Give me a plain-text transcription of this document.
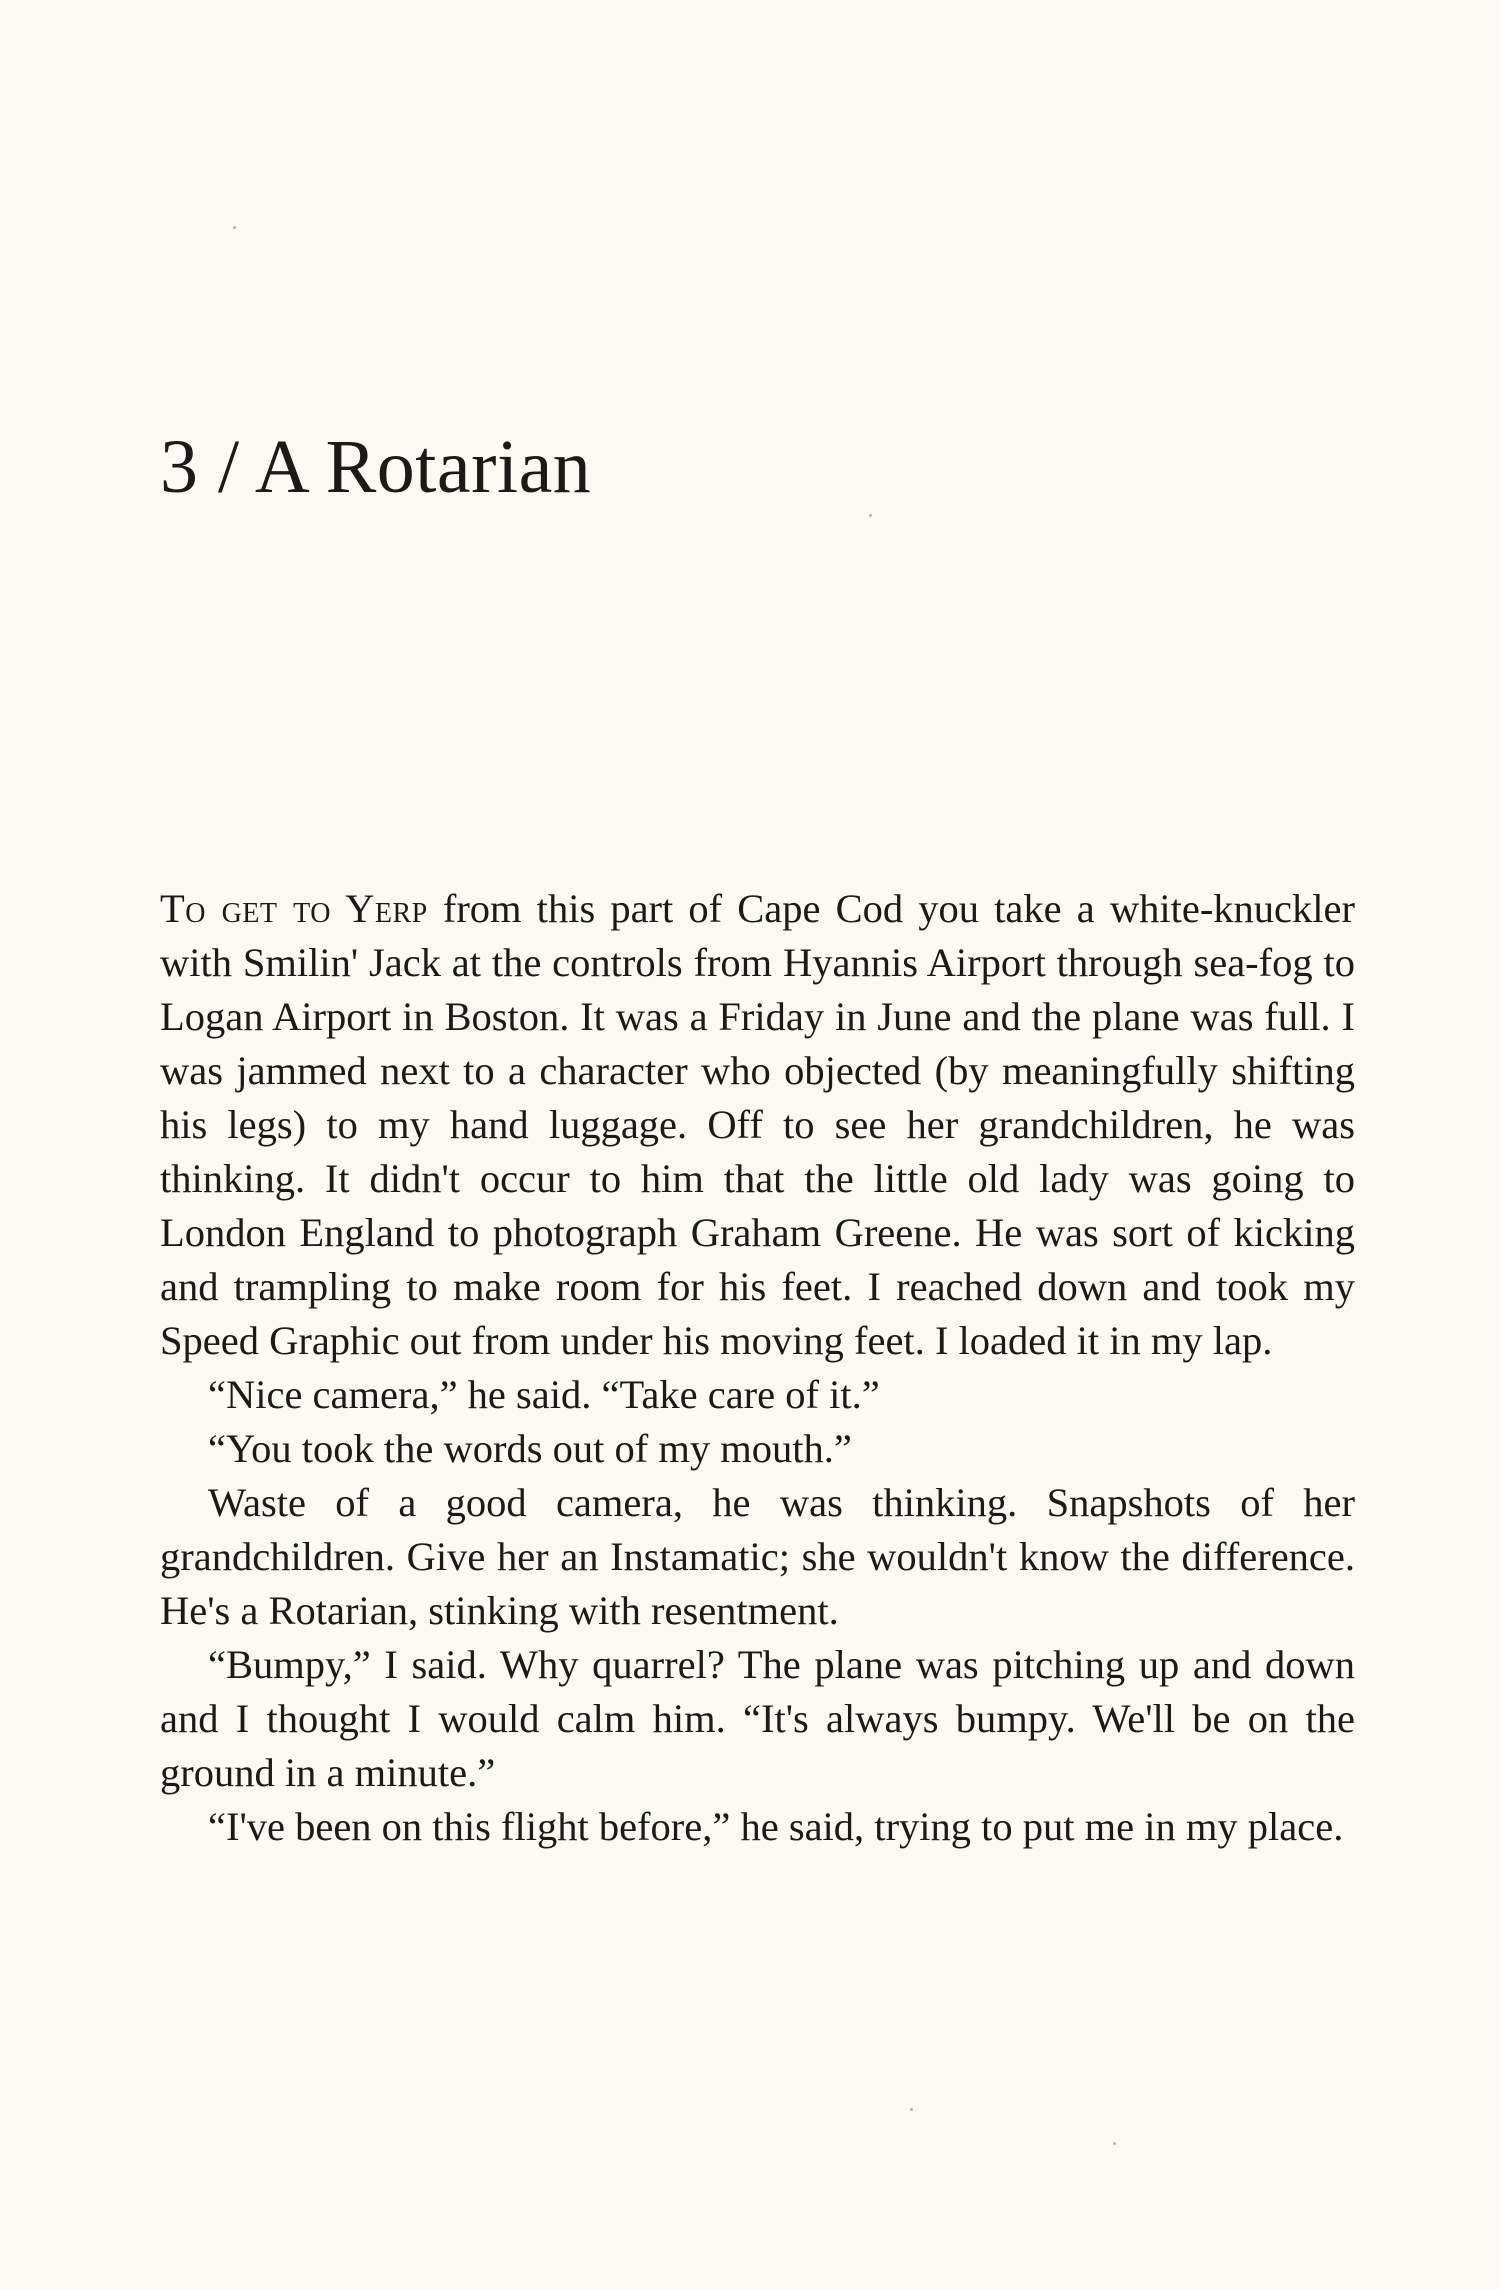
3 / A Rotarian

To get to Yerp from this part of Cape Cod you take a white-knuckler with Smilin' Jack at the controls from Hyannis Airport through sea-fog to Logan Airport in Boston. It was a Friday in June and the plane was full. I was jammed next to a character who objected (by meaningfully shifting his legs) to my hand luggage. Off to see her grandchildren, he was thinking. It didn't occur to him that the little old lady was going to London England to photograph Graham Greene. He was sort of kicking and trampling to make room for his feet. I reached down and took my Speed Graphic out from under his moving feet. I loaded it in my lap.

“Nice camera,” he said. “Take care of it.”

“You took the words out of my mouth.”

Waste of a good camera, he was thinking. Snapshots of her grandchildren. Give her an Instamatic; she wouldn't know the difference. He's a Rotarian, stinking with resentment.

“Bumpy,” I said. Why quarrel? The plane was pitching up and down and I thought I would calm him. “It's always bumpy. We'll be on the ground in a minute.”

“I've been on this flight before,” he said, trying to put me in my place.
